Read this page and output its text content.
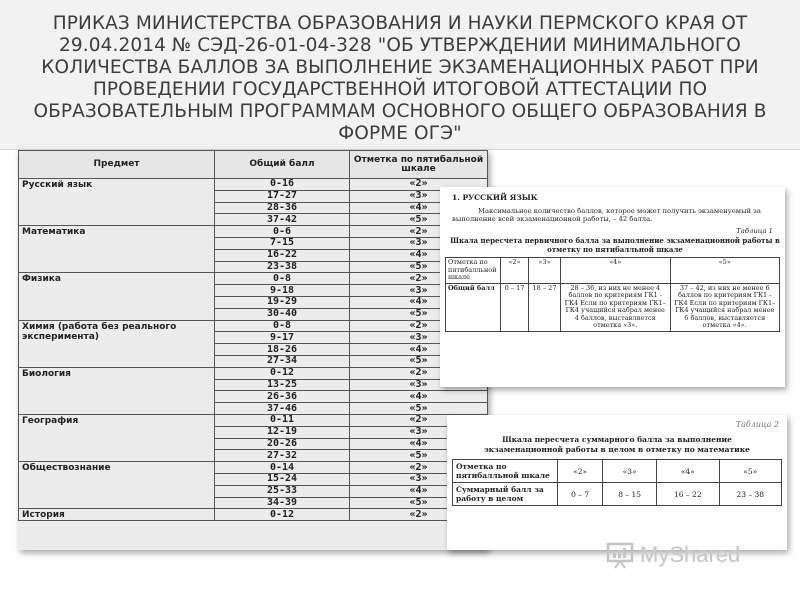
ПРИКАЗ МИНИСТЕРСТВА ОБРАЗОВАНИЯ И НАУКИ ПЕРМСКОГО КРАЯ ОТ 29.04.2014 № СЭД-26-01-04-328 "ОБ УТВЕРЖДЕНИИ МИНИМАЛЬНОГО КОЛИЧЕСТВА БАЛЛОВ ЗА ВЫПОЛНЕНИЕ ЭКЗАМЕНАЦИОННЫХ РАБОТ ПРИ ПРОВЕДЕНИИ ГОСУДАРСТВЕННОЙ ИТОГОВОЙ АТТЕСТАЦИИ ПО ОБРАЗОВАТЕЛЬНЫМ ПРОГРАММАМ ОСНОВНОГО ОБЩЕГО ОБРАЗОВАНИЯ В ФОРМЕ ОГЭ"
Предмет	Общий балл	Отметка по пятибальной шкале
Русский язык	0-16	«2»
	17-27	«3»
	28-36	«4»
	37-42	«5»
Математика	0-6	«2»
	7-15	«3»
	16-22	«4»
	23-38	«5»
Физика	0-8	«2»
	9-18	«3»
	19-29	«4»
	30-40	«5»
Химия (работа без реального эксперимента)	0-8	«2»
	9-17	«3»
	18-26	«4»
	27-34	«5»
Биология	0-12	«2»
	13-25	«3»
	26-36	«4»
	37-46	«5»
География	0-11	«2»
	12-19	«3»
	20-26	«4»
	27-32	«5»
Обществознание	0-14	«2»
	15-24	«3»
	25-33	«4»
	34-39	«5»
История	0-12	«2»
1. РУССКИЙ ЯЗЫК
Максимальное количество баллов, которое может получить экзаменуемый за выполнение всей экзаменационной работы, – 42 балла.
Таблица 1
Шкала пересчета первичного балла за выполнение экзаменационной работы в отметку по пятибалльной шкале
Отметка по пятибалльной шкале	«2»	«3»	«4»	«5»
Общий балл	0 – 17	18 – 27	28 – 36, из них не менее 4 баллов по критериям ГК1 - ГК4 Если по критериям ГК1–ГК4 учащийся набрал менее 4 баллов, выставляется отметка «3».	37 – 42, из них не менее 6 баллов по критериям ГК1 - ГК4 Если по критериям ГК1–ГК4 учащийся набрал менее 6 баллов, выставляется отметка «4».
Таблица 2
Шкала пересчета суммарного балла за выполнение экзаменационной работы в целом в отметку по математике
Отметка по пятибалльной шкале	«2»	«3»	«4»	«5»
Суммарный балл за работу в целом	0 – 7	8 – 15	16 – 22	23 – 38
MyShared
